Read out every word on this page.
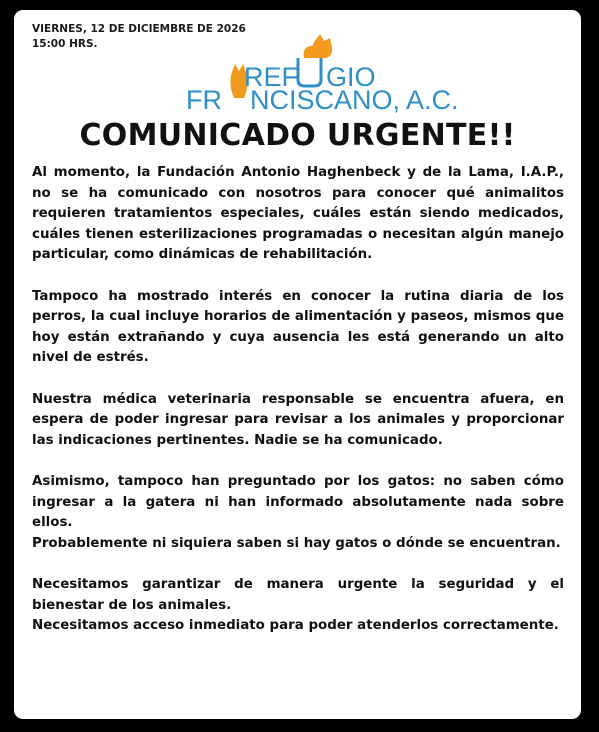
VIERNES, 12 DE DICIEMBRE DE 2026
15:00 HRS.
REF GIO
FR NCISCANO, A.C.
COMUNICADO URGENTE!!

Al momento, la Fundación Antonio Haghenbeck y de la Lama, I.A.P., no se ha comunicado con nosotros para conocer qué animalitos requieren tratamientos especiales, cuáles están siendo medicados, cuáles tienen esterilizaciones programadas o necesitan algún manejo particular, como dinámicas de rehabilitación.

Tampoco ha mostrado interés en conocer la rutina diaria de los perros, la cual incluye horarios de alimentación y paseos, mismos que hoy están extrañando y cuya ausencia les está generando un alto nivel de estrés.

Nuestra médica veterinaria responsable se encuentra afuera, en espera de poder ingresar para revisar a los animales y proporcionar las indicaciones pertinentes. Nadie se ha comunicado.

Asimismo, tampoco han preguntado por los gatos: no saben cómo ingresar a la gatera ni han informado absolutamente nada sobre ellos.

Probablemente ni siquiera saben si hay gatos o dónde se encuentran.

Necesitamos garantizar de manera urgente la seguridad y el bienestar de los animales.

Necesitamos acceso inmediato para poder atenderlos correctamente.
